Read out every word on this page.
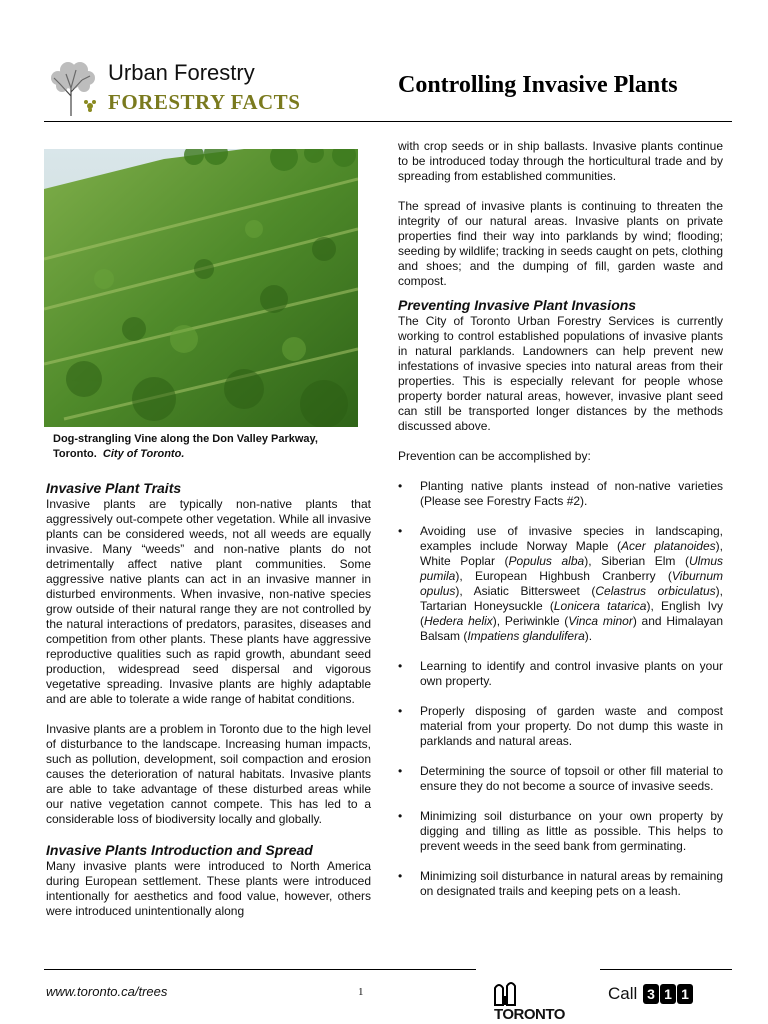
Urban Forestry
FORESTRY FACTS
Controlling Invasive Plants
Dog-strangling Vine along the Don Valley Parkway, Toronto. City of Toronto.
Invasive Plant Traits

Invasive plants are typically non-native plants that aggressively out-compete other vegetation. While all invasive plants can be considered weeds, not all weeds are equally invasive. Many “weeds” and non-native plants do not detrimentally affect native plant communities. Some aggressive native plants can act in an invasive manner in disturbed environments. When invasive, non-native species grow outside of their natural range they are not controlled by the natural interactions of predators, parasites, diseases and competition from other plants. These plants have aggressive reproductive qualities such as rapid growth, abundant seed production, widespread seed dispersal and vigorous vegetative spreading. Invasive plants are highly adaptable and are able to tolerate a wide range of habitat conditions.

Invasive plants are a problem in Toronto due to the high level of disturbance to the landscape. Increasing human impacts, such as pollution, development, soil compaction and erosion causes the deterioration of natural habitats. Invasive plants are able to take advantage of these disturbed areas while our native vegetation cannot compete. This has led to a considerable loss of biodiversity locally and globally.

Invasive Plants Introduction and Spread

Many invasive plants were introduced to North America during European settlement. These plants were introduced intentionally for aesthetics and food value, however, others were introduced unintentionally along

with crop seeds or in ship ballasts. Invasive plants continue to be introduced today through the horticultural trade and by spreading from established communities.

The spread of invasive plants is continuing to threaten the integrity of our natural areas. Invasive plants on private properties find their way into parklands by wind; flooding; seeding by wildlife; tracking in seeds caught on pets, clothing and shoes; and the dumping of fill, garden waste and compost.

Preventing Invasive Plant Invasions

The City of Toronto Urban Forestry Services is currently working to control established populations of invasive plants in natural parklands. Landowners can help prevent new infestations of invasive species into natural areas from their properties. This is especially relevant for people whose property border natural areas, however, invasive plant seed can still be transported longer distances by the methods discussed above.

Prevention can be accomplished by:

• Planting native plants instead of non-native varieties (Please see Forestry Facts #2).
• Avoiding use of invasive species in landscaping, examples include Norway Maple (Acer platanoides), White Poplar (Populus alba), Siberian Elm (Ulmus pumila), European Highbush Cranberry (Viburnum opulus), Asiatic Bittersweet (Celastrus orbiculatus), Tartarian Honeysuckle (Lonicera tatarica), English Ivy (Hedera helix), Periwinkle (Vinca minor) and Himalayan Balsam (Impatiens glandulifera).
• Learning to identify and control invasive plants on your own property.
• Properly disposing of garden waste and compost material from your property. Do not dump this waste in parklands and natural areas.
• Determining the source of topsoil or other fill material to ensure they do not become a source of invasive seeds.
• Minimizing soil disturbance on your own property by digging and tilling as little as possible. This helps to prevent weeds in the seed bank from germinating.
• Minimizing soil disturbance in natural areas by remaining on designated trails and keeping pets on a leash.
www.toronto.ca/trees	1
TORONTO
Call 3 1 1
